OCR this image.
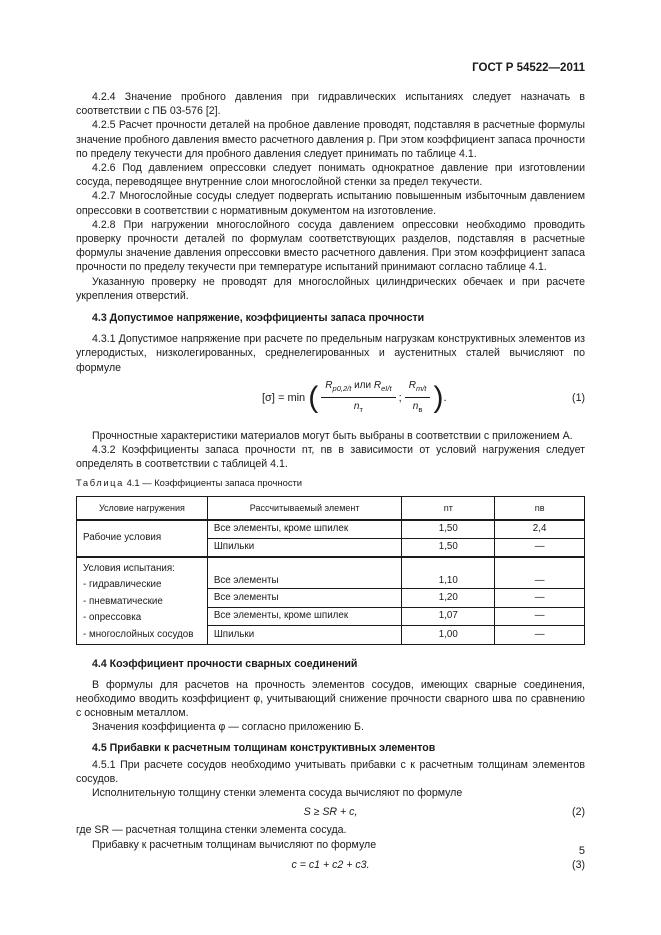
ГОСТ Р 54522—2011

4.2.4 Значение пробного давления при гидравлических испытаниях следует назначать в соответствии с ПБ 03-576 [2].

4.2.5 Расчет прочности деталей на пробное давление проводят, подставляя в расчетные формулы значение пробного давления вместо расчетного давления р. При этом коэффициент запаса прочности по пределу текучести для пробного давления следует принимать по таблице 4.1.

4.2.6 Под давлением опрессовки следует понимать однократное давление при изготовлении сосуда, переводящее внутренние слои многослойной стенки за предел текучести.

4.2.7 Многослойные сосуды следует подвергать испытанию повышенным избыточным давлением опрессовки в соответствии с нормативным документом на изготовление.

4.2.8 При нагружении многослойного сосуда давлением опрессовки необходимо проводить проверку прочности деталей по формулам соответствующих разделов, подставляя в расчетные формулы значение давления опрессовки вместо расчетного давления. При этом коэффициент запаса прочности по пределу текучести при температуре испытаний принимают согласно таблице 4.1.

Указанную проверку не проводят для многослойных цилиндрических обечаек и при расчете укрепления отверстий.

4.3 Допустимое напряжение, коэффициенты запаса прочности

4.3.1 Допустимое напряжение при расчете по предельным нагрузкам конструктивных элементов из углеродистых, низколегированных, среднелегированных и аустенитных сталей вычисляют по формуле

[σ] = min ( $\frac{R_{p0,2/t} или R_{eI/t}}{n_т}$ ; $\frac{R_{m/t}}{n_в}$ ).	(1)

Прочностные характеристики материалов могут быть выбраны в соответствии с приложением А.

4.3.2 Коэффициенты запаса прочности nт, nв в зависимости от условий нагружения следует определять в соответствии с таблицей 4.1.

Таблица 4.1 — Коэффициенты запаса прочности
Условие нагружения	Рассчитываемый элемент	nт	nв
Рабочие условия	Все элементы, кроме шпилек	1,50	2,4
	Шпильки	1,50	—

Условия испытания:
- гидравлические
- пневматические
- опрессовка
- многослойных сосудов	Все элементы	1,10	—
	Все элементы	1,20	—
	Все элементы, кроме шпилек	1,07	—
	Шпильки	1,00	—
4.4 Коэффициент прочности сварных соединений

В формулы для расчетов на прочность элементов сосудов, имеющих сварные соединения, необходимо вводить коэффициент φ, учитывающий снижение прочности сварного шва по сравнению с основным металлом.

Значения коэффициента φ — согласно приложению Б.

4.5 Прибавки к расчетным толщинам конструктивных элементов

4.5.1 При расчете сосудов необходимо учитывать прибавки с к расчетным толщинам элементов сосудов.

Исполнительную толщину стенки элемента сосуда вычисляют по формуле

S ≥ SR + c,	(2)

где SR — расчетная толщина стенки элемента сосуда.

Прибавку к расчетным толщинам вычисляют по формуле

c = c1 + c2 + c3.	(3)
5
